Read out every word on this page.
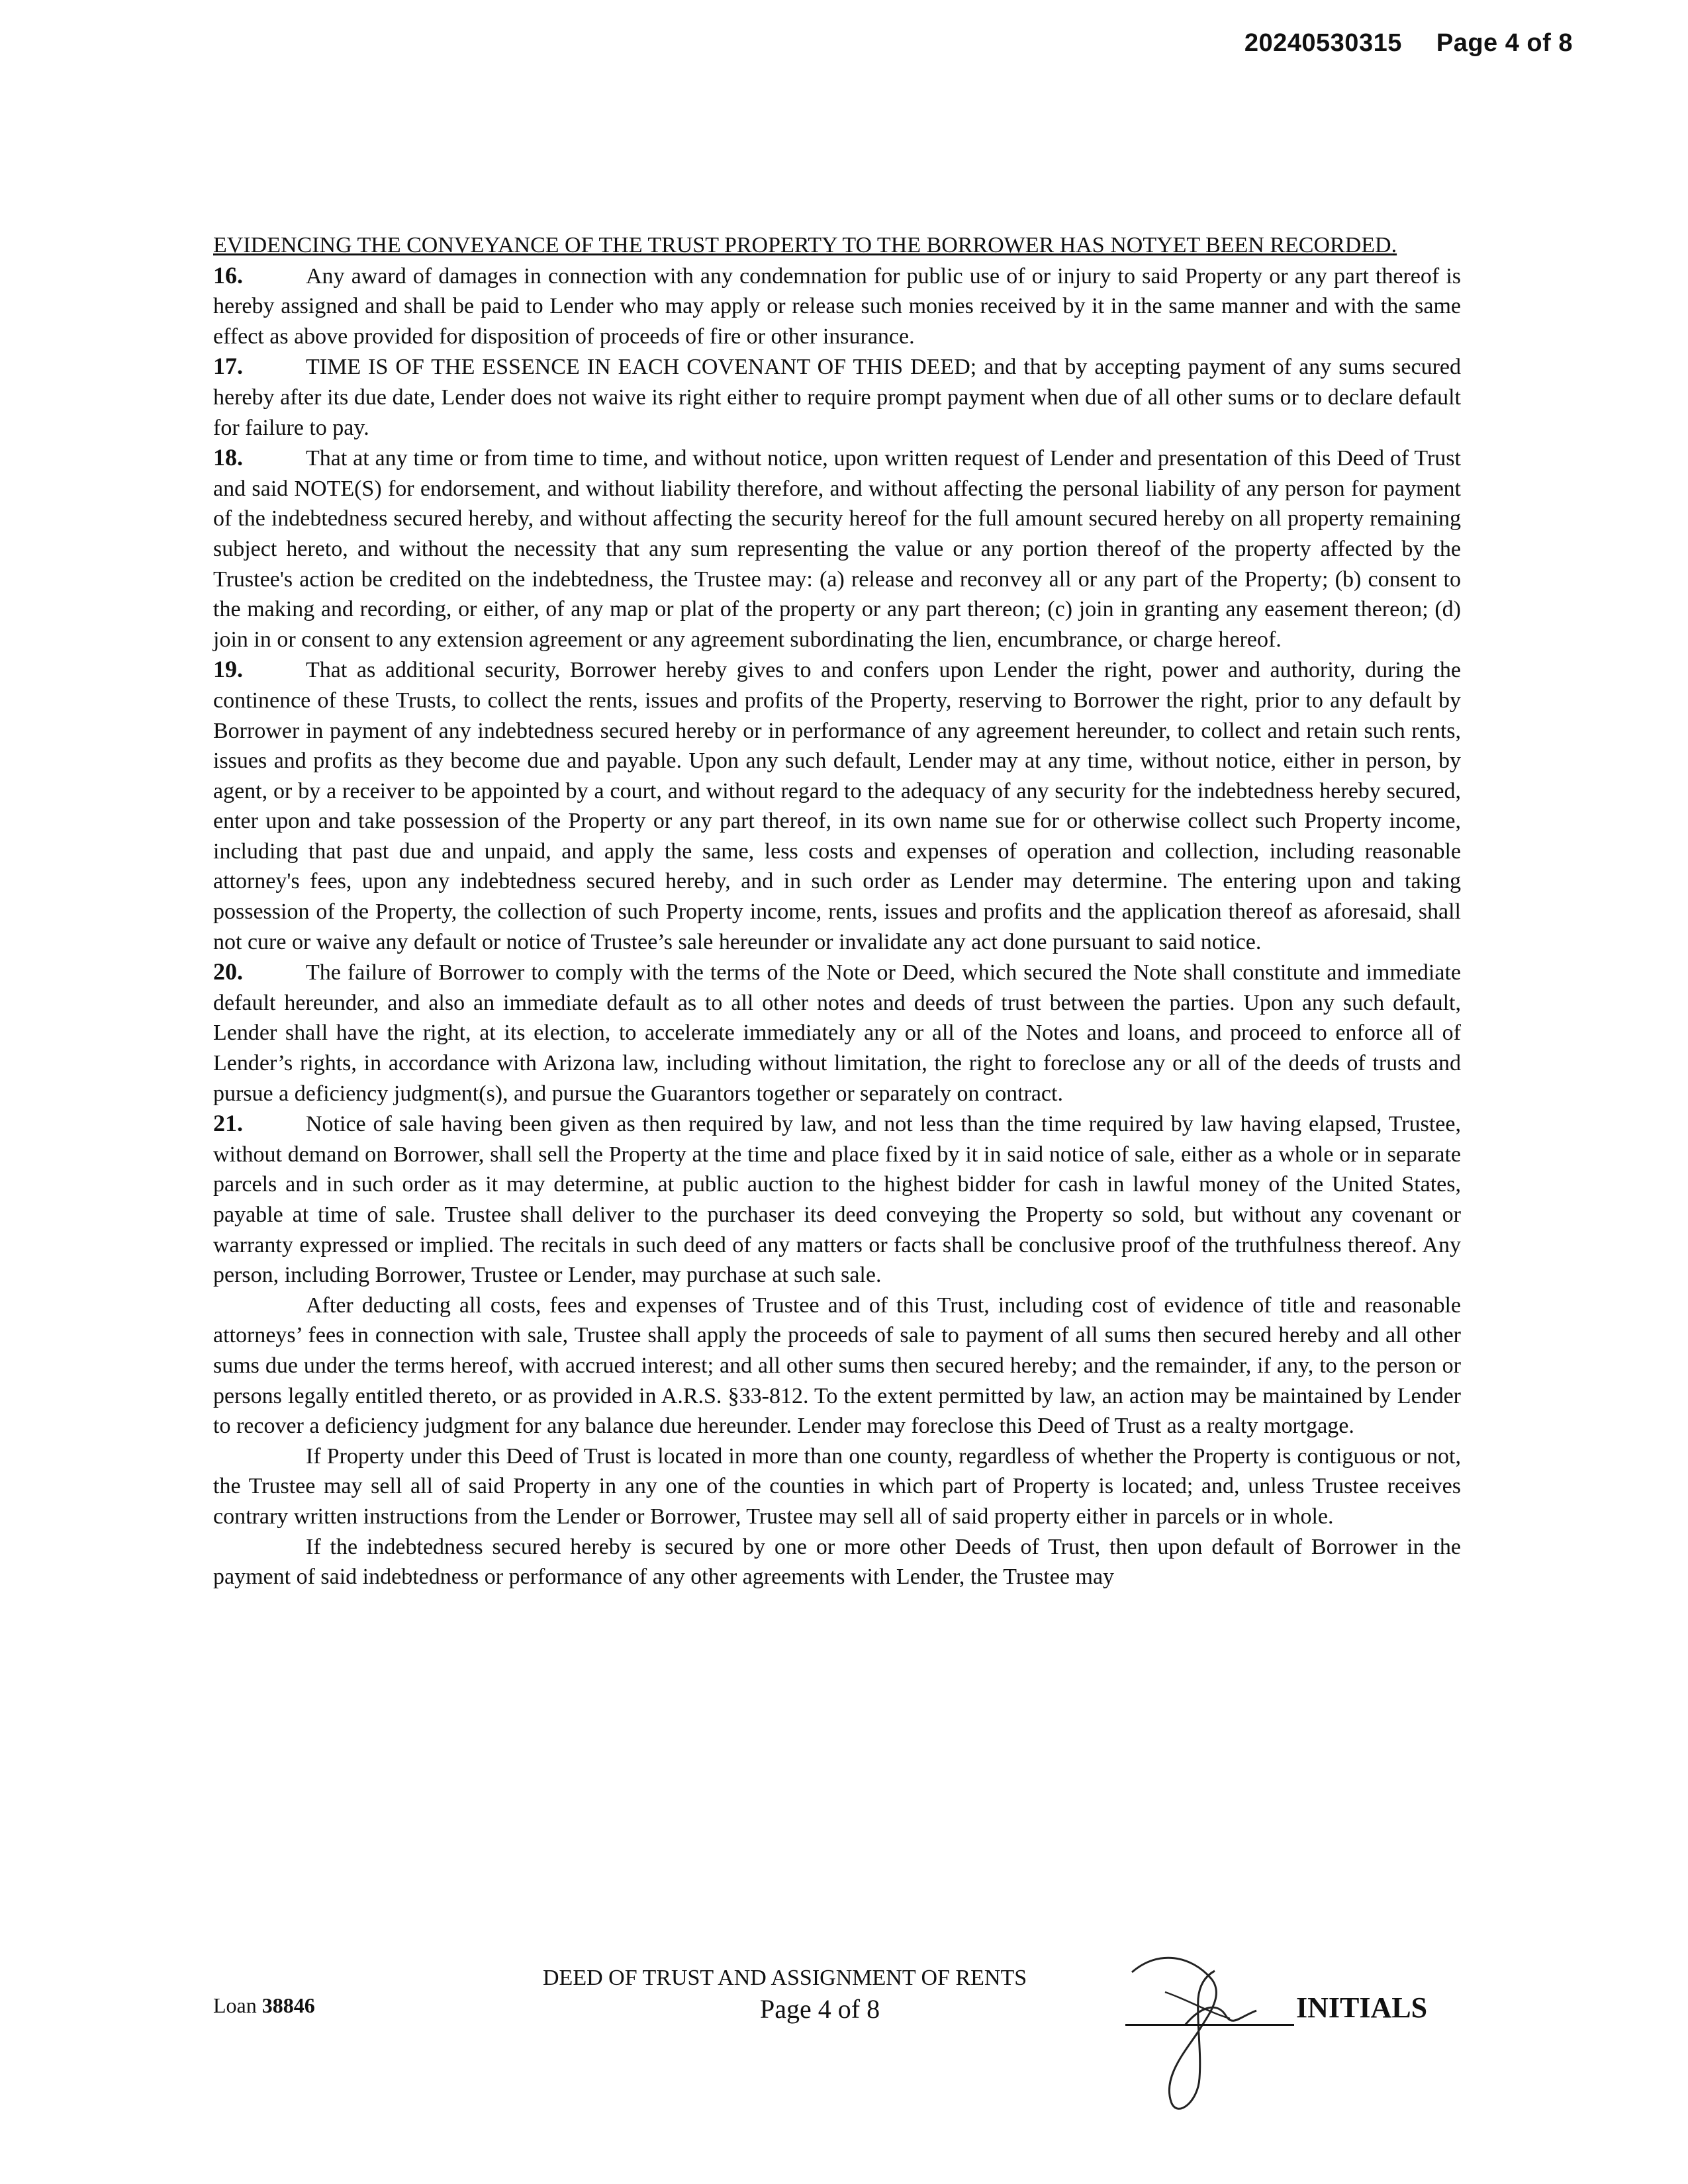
20240530315 Page 4 of 8

EVIDENCING THE CONVEYANCE OF THE TRUST PROPERTY TO THE BORROWER HAS NOTYET BEEN RECORDED.

16.	Any award of damages in connection with any condemnation for public use of or injury to said Property or any part thereof is hereby assigned and shall be paid to Lender who may apply or release such monies received by it in the same manner and with the same effect as above provided for disposition of proceeds of fire or other insurance.

17.	TIME IS OF THE ESSENCE IN EACH COVENANT OF THIS DEED; and that by accepting payment of any sums secured hereby after its due date, Lender does not waive its right either to require prompt payment when due of all other sums or to declare default for failure to pay.

18.	That at any time or from time to time, and without notice, upon written request of Lender and presentation of this Deed of Trust and said NOTE(S) for endorsement, and without liability therefore, and without affecting the personal liability of any person for payment of the indebtedness secured hereby, and without affecting the security hereof for the full amount secured hereby on all property remaining subject hereto, and without the necessity that any sum representing the value or any portion thereof of the property affected by the Trustee's action be credited on the indebtedness, the Trustee may: (a) release and reconvey all or any part of the Property; (b) consent to the making and recording, or either, of any map or plat of the property or any part thereon; (c) join in granting any easement thereon; (d) join in or consent to any extension agreement or any agreement subordinating the lien, encumbrance, or charge hereof.

19.	That as additional security, Borrower hereby gives to and confers upon Lender the right, power and authority, during the continence of these Trusts, to collect the rents, issues and profits of the Property, reserving to Borrower the right, prior to any default by Borrower in payment of any indebtedness secured hereby or in performance of any agreement hereunder, to collect and retain such rents, issues and profits as they become due and payable. Upon any such default, Lender may at any time, without notice, either in person, by agent, or by a receiver to be appointed by a court, and without regard to the adequacy of any security for the indebtedness hereby secured, enter upon and take possession of the Property or any part thereof, in its own name sue for or otherwise collect such Property income, including that past due and unpaid, and apply the same, less costs and expenses of operation and collection, including reasonable attorney's fees, upon any indebtedness secured hereby, and in such order as Lender may determine. The entering upon and taking possession of the Property, the collection of such Property income, rents, issues and profits and the application thereof as aforesaid, shall not cure or waive any default or notice of Trustee’s sale hereunder or invalidate any act done pursuant to said notice.

20.	The failure of Borrower to comply with the terms of the Note or Deed, which secured the Note shall constitute and immediate default hereunder, and also an immediate default as to all other notes and deeds of trust between the parties. Upon any such default, Lender shall have the right, at its election, to accelerate immediately any or all of the Notes and loans, and proceed to enforce all of Lender’s rights, in accordance with Arizona law, including without limitation, the right to foreclose any or all of the deeds of trusts and pursue a deficiency judgment(s), and pursue the Guarantors together or separately on contract.

21.	Notice of sale having been given as then required by law, and not less than the time required by law having elapsed, Trustee, without demand on Borrower, shall sell the Property at the time and place fixed by it in said notice of sale, either as a whole or in separate parcels and in such order as it may determine, at public auction to the highest bidder for cash in lawful money of the United States, payable at time of sale. Trustee shall deliver to the purchaser its deed conveying the Property so sold, but without any covenant or warranty expressed or implied. The recitals in such deed of any matters or facts shall be conclusive proof of the truthfulness thereof. Any person, including Borrower, Trustee or Lender, may purchase at such sale.

After deducting all costs, fees and expenses of Trustee and of this Trust, including cost of evidence of title and reasonable attorneys’ fees in connection with sale, Trustee shall apply the proceeds of sale to payment of all sums then secured hereby and all other sums due under the terms hereof, with accrued interest; and all other sums then secured hereby; and the remainder, if any, to the person or persons legally entitled thereto, or as provided in A.R.S. §33-812. To the extent permitted by law, an action may be maintained by Lender to recover a deficiency judgment for any balance due hereunder. Lender may foreclose this Deed of Trust as a realty mortgage.

If Property under this Deed of Trust is located in more than one county, regardless of whether the Property is contiguous or not, the Trustee may sell all of said Property in any one of the counties in which part of Property is located; and, unless Trustee receives contrary written instructions from the Lender or Borrower, Trustee may sell all of said property either in parcels or in whole.

If the indebtedness secured hereby is secured by one or more other Deeds of Trust, then upon default of Borrower in the payment of said indebtedness or performance of any other agreements with Lender, the Trustee may

Loan 38846
DEED OF TRUST AND ASSIGNMENT OF RENTS
Page 4 of 8	INITIALS
